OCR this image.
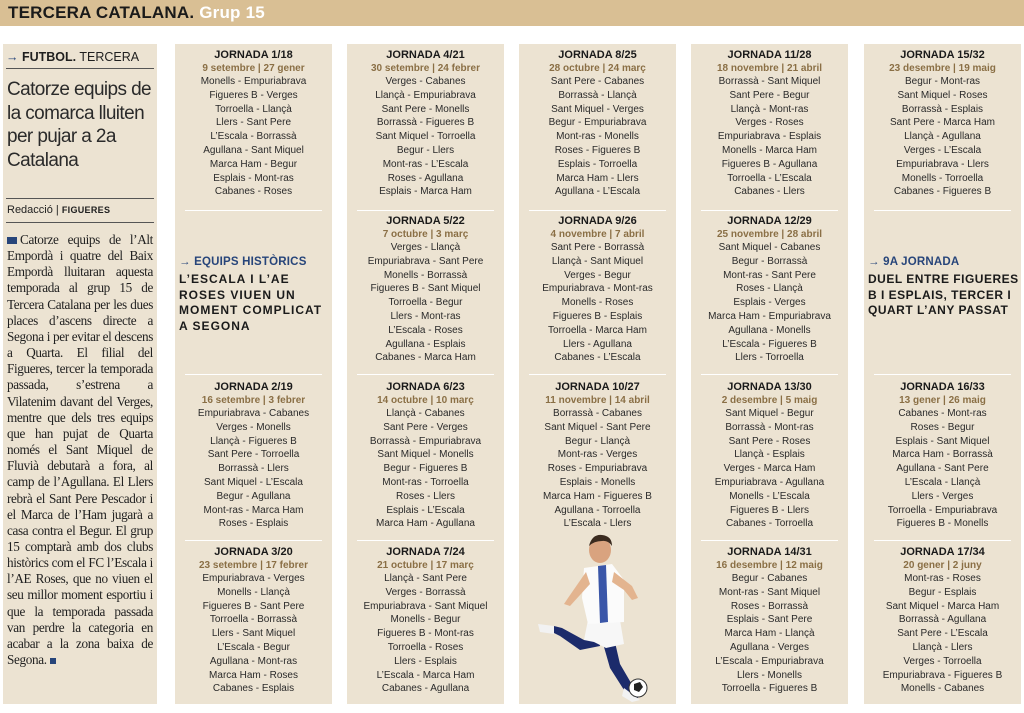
TERCERA CATALANA. Grup 15
→ FUTBOL. TERCERA
Catorze equips de la comarca lluiten per pujar a 2a Catalana
Redacció | FIGUERES
Catorze equips de l’Alt Empordà i quatre del Baix Empordà lluitaran aquesta temporada al grup 15 de Tercera Catalana per les dues places d’ascens directe a Segona i per evitar el descens a Quarta. El filial del Figueres, tercer la temporada passada, s’estrena a Vilatenim davant del Verges, mentre que dels tres equips que han pujat de Quarta només el Sant Miquel de Fluvià debutarà a fora, al camp de l’Agullana. El Llers rebrà el Sant Pere Pescador i el Marca de l’Ham jugarà a casa contra el Begur. El grup 15 comptarà amb dos clubs històrics com el FC l’Escala i l’AE Roses, que no viuen el seu millor moment esportiu i que la temporada passada van perdre la categoria en acabar a la zona baixa de Segona.
JORNADA 1/18
9 setembre | 27 gener
Monells - Empuriabrava
Figueres B - Verges
Torroella - Llançà
Llers - Sant Pere
L’Escala - Borrassà
Agullana - Sant Miquel
Marca Ham - Begur
Esplais - Mont-ras
Cabanes - Roses
→ EQUIPS HISTÒRICS
L’ESCALA I L’AE ROSES VIUEN UN MOMENT COMPLICAT A SEGONA
JORNADA 2/19
16 setembre | 3 febrer
Empuriabrava - Cabanes
Verges - Monells
Llançà - Figueres B
Sant Pere - Torroella
Borrassà - Llers
Sant Miquel - L’Escala
Begur - Agullana
Mont-ras - Marca Ham
Roses - Esplais
JORNADA 3/20
23 setembre | 17 febrer
Empuriabrava - Verges
Monells - Llançà
Figueres B - Sant Pere
Torroella - Borrassà
Llers - Sant Miquel
L’Escala - Begur
Agullana - Mont-ras
Marca Ham - Roses
Cabanes - Esplais
JORNADA 4/21
30 setembre | 24 febrer
Verges - Cabanes
Llançà - Empuriabrava
Sant Pere - Monells
Borrassà - Figueres B
Sant Miquel - Torroella
Begur - Llers
Mont-ras - L’Escala
Roses - Agullana
Esplais - Marca Ham
JORNADA 5/22
7 octubre | 3 març
Verges - Llançà
Empuriabrava - Sant Pere
Monells - Borrassà
Figueres B - Sant Miquel
Torroella - Begur
Llers - Mont-ras
L’Escala - Roses
Agullana - Esplais
Cabanes - Marca Ham
JORNADA 6/23
14 octubre | 10 març
Llançà - Cabanes
Sant Pere - Verges
Borrassà - Empuriabrava
Sant Miquel - Monells
Begur - Figueres B
Mont-ras - Torroella
Roses - Llers
Esplais - L’Escala
Marca Ham - Agullana
JORNADA 7/24
21 octubre | 17 març
Llançà - Sant Pere
Verges - Borrassà
Empuriabrava - Sant Miquel
Monells - Begur
Figueres B - Mont-ras
Torroella - Roses
Llers - Esplais
L’Escala - Marca Ham
Cabanes - Agullana
JORNADA 8/25
28 octubre | 24 març
Sant Pere - Cabanes
Borrassà - Llançà
Sant Miquel - Verges
Begur - Empuriabrava
Mont-ras - Monells
Roses - Figueres B
Esplais - Torroella
Marca Ham - Llers
Agullana - L’Escala
JORNADA 9/26
4 novembre | 7 abril
Sant Pere - Borrassà
Llançà - Sant Miquel
Verges - Begur
Empuriabrava - Mont-ras
Monells - Roses
Figueres B - Esplais
Torroella - Marca Ham
Llers - Agullana
Cabanes - L’Escala
JORNADA 10/27
11 novembre | 14 abril
Borrassà - Cabanes
Sant Miquel - Sant Pere
Begur - Llançà
Mont-ras - Verges
Roses - Empuriabrava
Esplais - Monells
Marca Ham - Figueres B
Agullana - Torroella
L’Escala - Llers
JORNADA 11/28
18 novembre | 21 abril
Borrassà - Sant Miquel
Sant Pere - Begur
Llançà - Mont-ras
Verges - Roses
Empuriabrava - Esplais
Monells - Marca Ham
Figueres B - Agullana
Torroella - L’Escala
Cabanes - Llers
JORNADA 12/29
25 novembre | 28 abril
Sant Miquel - Cabanes
Begur - Borrassà
Mont-ras - Sant Pere
Roses - Llançà
Esplais - Verges
Marca Ham - Empuriabrava
Agullana - Monells
L’Escala - Figueres B
Llers - Torroella
JORNADA 13/30
2 desembre | 5 maig
Sant Miquel - Begur
Borrassà - Mont-ras
Sant Pere - Roses
Llançà - Esplais
Verges - Marca Ham
Empuriabrava - Agullana
Monells - L’Escala
Figueres B - Llers
Cabanes - Torroella
JORNADA 14/31
16 desembre | 12 maig
Begur - Cabanes
Mont-ras - Sant Miquel
Roses - Borrassà
Esplais - Sant Pere
Marca Ham - Llançà
Agullana - Verges
L’Escala - Empuriabrava
Llers - Monells
Torroella - Figueres B
JORNADA 15/32
23 desembre | 19 maig
Begur - Mont-ras
Sant Miquel - Roses
Borrassà - Esplais
Sant Pere - Marca Ham
Llançà - Agullana
Verges - L’Escala
Empuriabrava - Llers
Monells - Torroella
Cabanes - Figueres B
→ 9A JORNADA
DUEL ENTRE FIGUERES B I ESPLAIS, TERCER I QUART L’ANY PASSAT
JORNADA 16/33
13 gener | 26 maig
Cabanes - Mont-ras
Roses - Begur
Esplais - Sant Miquel
Marca Ham - Borrassà
Agullana - Sant Pere
L’Escala - Llançà
Llers - Verges
Torroella - Empuriabrava
Figueres B - Monells
JORNADA 17/34
20 gener | 2 juny
Mont-ras - Roses
Begur - Esplais
Sant Miquel - Marca Ham
Borrassà - Agullana
Sant Pere - L’Escala
Llançà - Llers
Verges - Torroella
Empuriabrava - Figueres B
Monells - Cabanes
